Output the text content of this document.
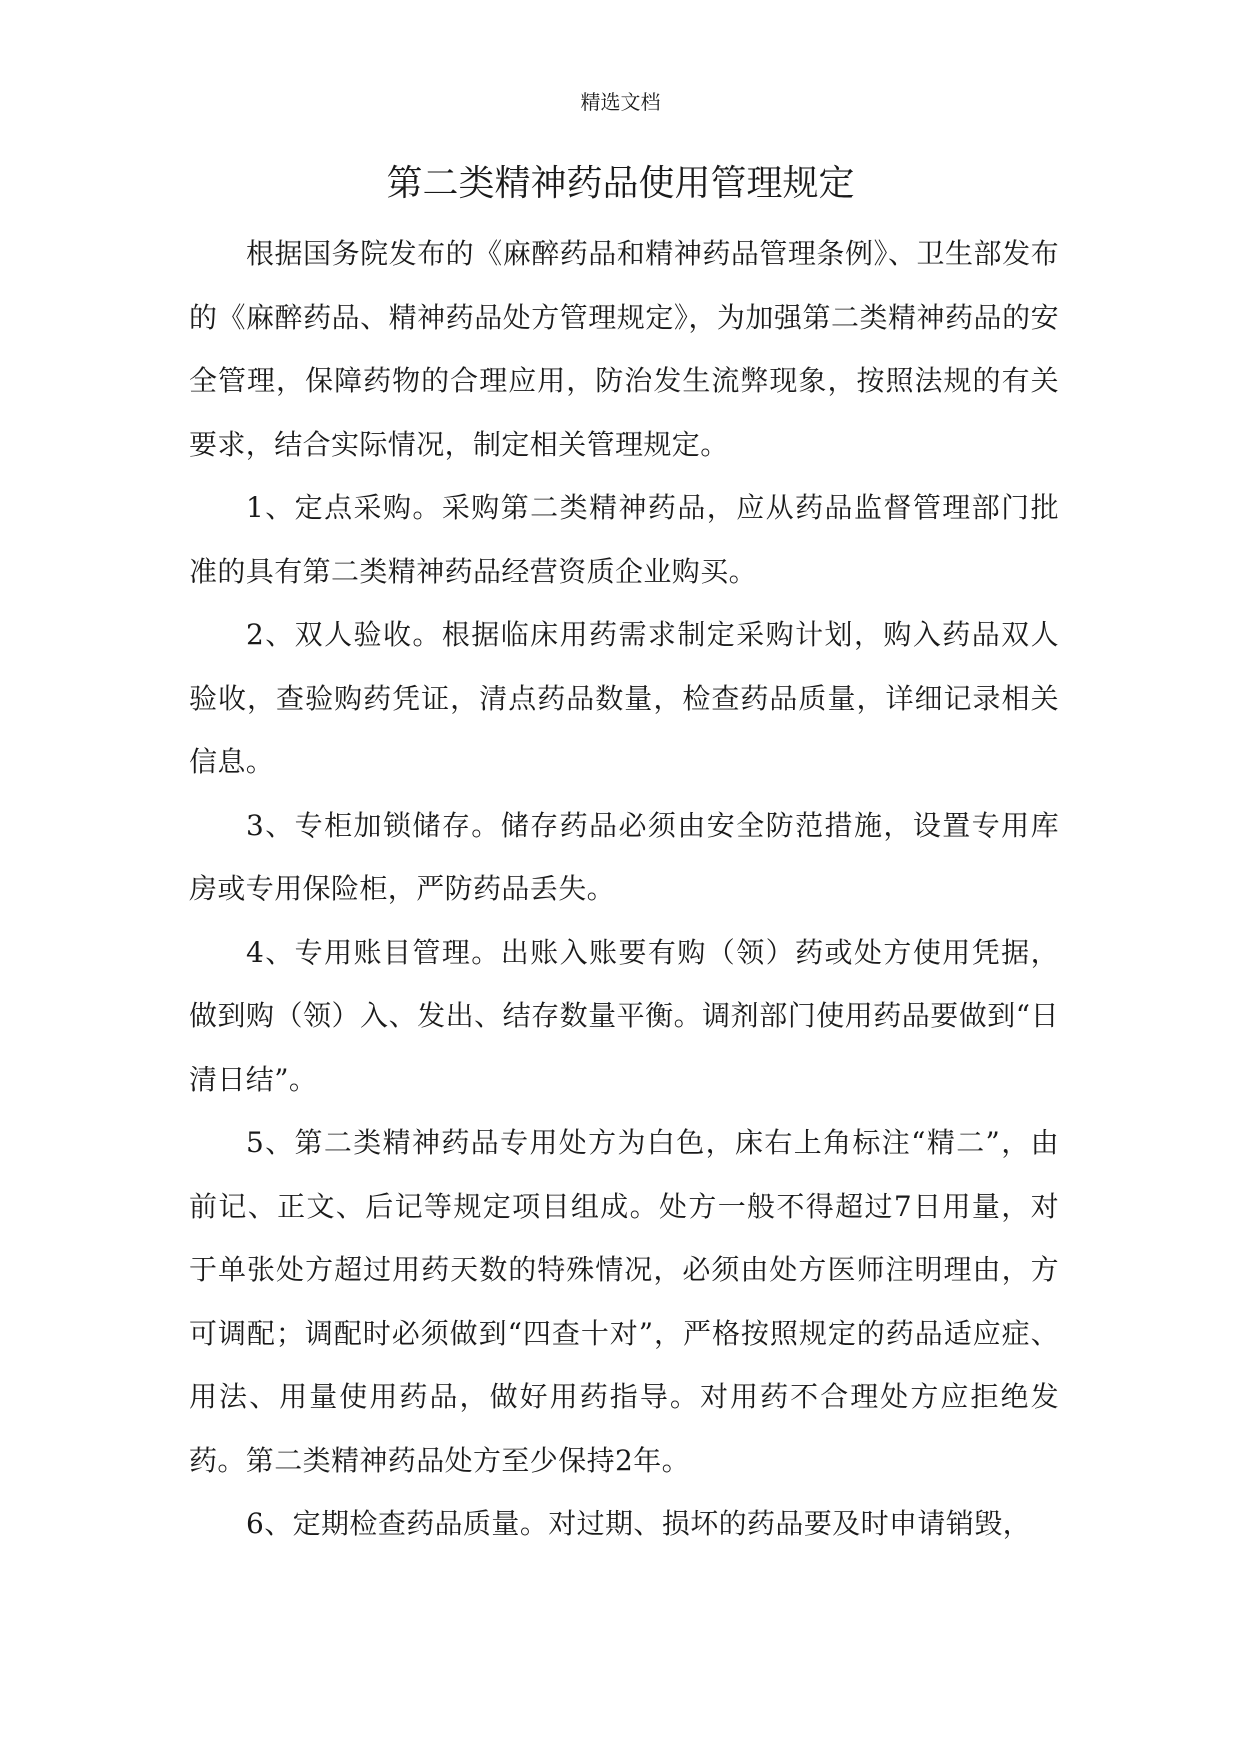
精选文档
第二类精神药品使用管理规定

根据国务院发布的《麻醉药品和精神药品管理条例》、卫生部发布的《麻醉药品、精神药品处方管理规定》，为加强第二类精神药品的安全管理，保障药物的合理应用，防治发生流弊现象，按照法规的有关要求，结合实际情况，制定相关管理规定。

1、定点采购。采购第二类精神药品，应从药品监督管理部门批准的具有第二类精神药品经营资质企业购买。

2、双人验收。根据临床用药需求制定采购计划，购入药品双人验收，查验购药凭证，清点药品数量，检查药品质量，详细记录相关信息。

3、专柜加锁储存。储存药品必须由安全防范措施，设置专用库房或专用保险柜，严防药品丢失。

4、专用账目管理。出账入账要有购（领）药或处方使用凭据，做到购（领）入、发出、结存数量平衡。调剂部门使用药品要做到“日清日结”。

5、第二类精神药品专用处方为白色，床右上角标注“精二”，由前记、正文、后记等规定项目组成。处方一般不得超过7日用量，对于单张处方超过用药天数的特殊情况，必须由处方医师注明理由，方可调配；调配时必须做到“四查十对”，严格按照规定的药品适应症、用法、用量使用药品，做好用药指导。对用药不合理处方应拒绝发药。第二类精神药品处方至少保持2年。

6、定期检查药品质量。对过期、损坏的药品要及时申请销毁，
